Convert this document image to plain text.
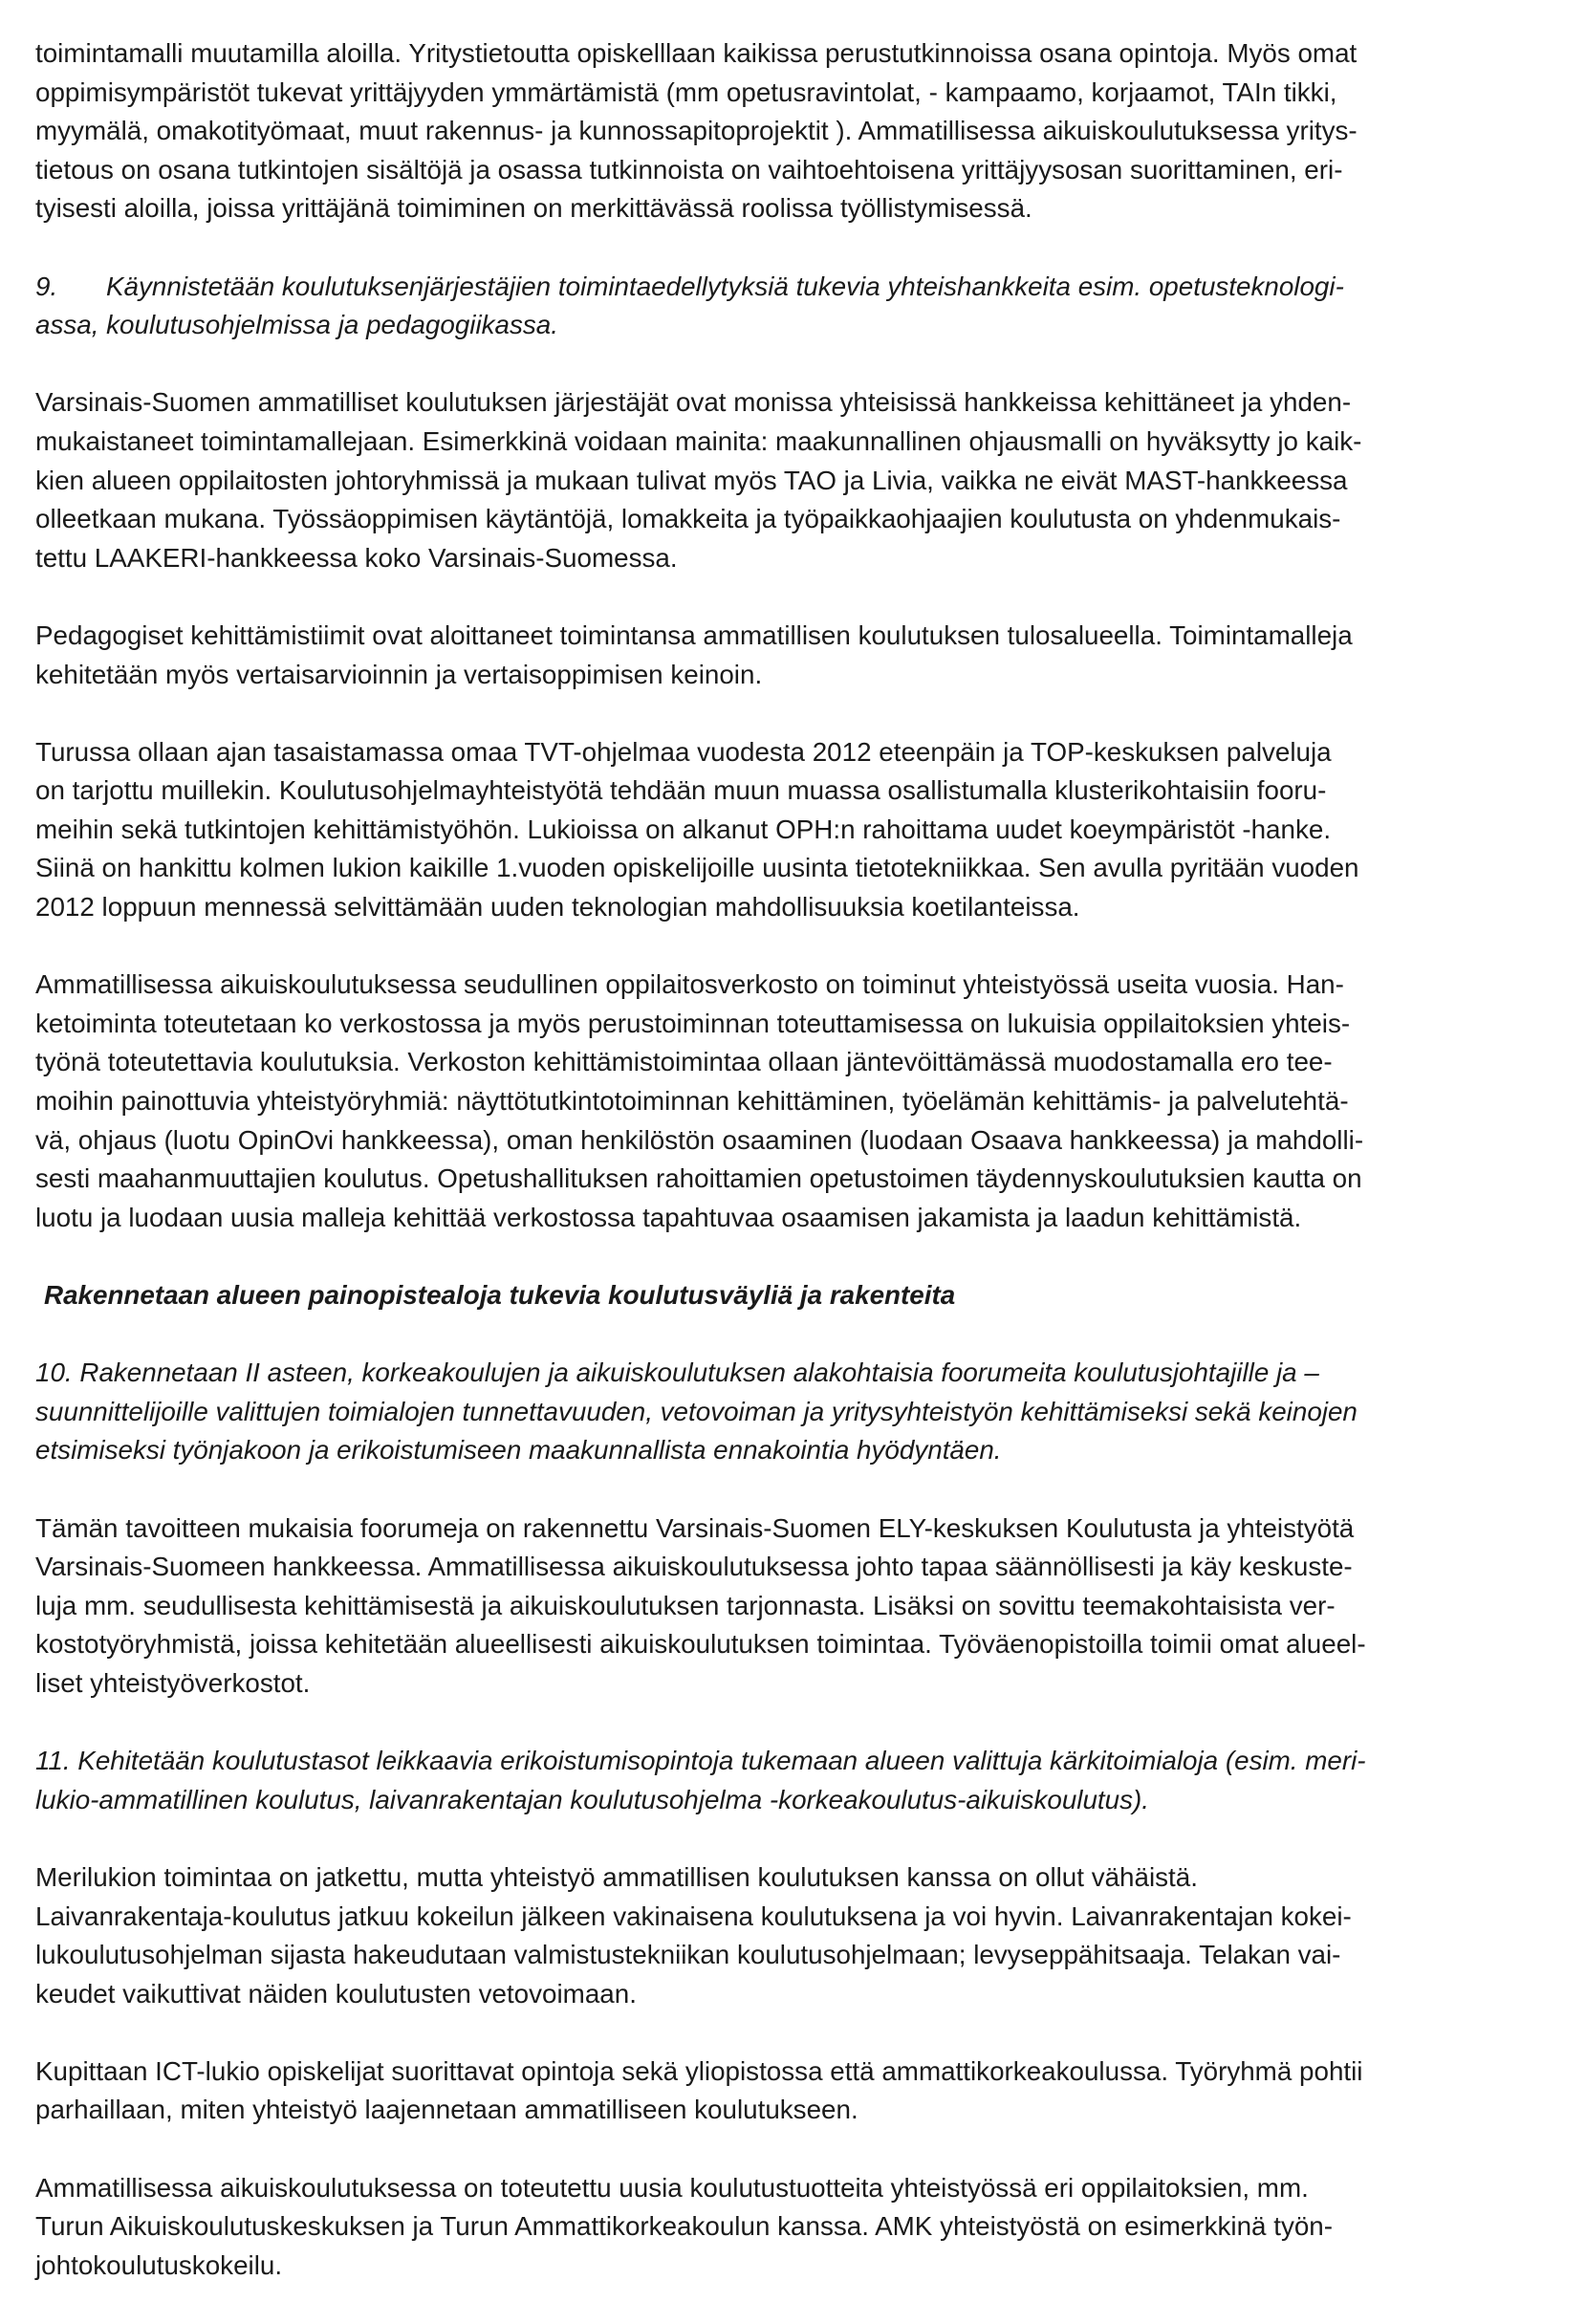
toimintamalli muutamilla aloilla. Yritystietoutta opiskelllaan kaikissa perustutkinnoissa osana opintoja. Myös omat
oppimisympäristöt tukevat yrittäjyyden ymmärtämistä (mm opetusravintolat, - kampaamo, korjaamot, TAIn tikki,
myymälä, omakotityömaat, muut rakennus- ja kunnossapitoprojektit ). Ammatillisessa aikuiskoulutuksessa yritys-
tietous on osana tutkintojen sisältöjä ja osassa tutkinnoista on vaihtoehtoisena yrittäjyysosan suorittaminen, eri-
tyisesti aloilla, joissa yrittäjänä toimiminen on merkittävässä roolissa työllistymisessä.
9. Käynnistetään koulutuksenjärjestäjien toimintaedellytyksiä tukevia yhteishankkeita esim. opetusteknologi-
assa, koulutusohjelmissa ja pedagogiikassa.
Varsinais-Suomen ammatilliset koulutuksen järjestäjät ovat monissa yhteisissä hankkeissa kehittäneet ja yhden-
mukaistaneet toimintamallejaan. Esimerkkinä voidaan mainita: maakunnallinen ohjausmalli on hyväksytty jo kaik-
kien alueen oppilaitosten johtoryhmissä ja mukaan tulivat myös TAO ja Livia, vaikka ne eivät MAST-hankkeessa
olleetkaan mukana. Työssäoppimisen käytäntöjä, lomakkeita ja työpaikkaohjaajien koulutusta on yhdenmukais-
tettu LAAKERI-hankkeessa koko Varsinais-Suomessa.
Pedagogiset kehittämistiimit ovat aloittaneet toimintansa ammatillisen koulutuksen tulosalueella. Toimintamalleja
kehitetään myös vertaisarvioinnin ja vertaisoppimisen keinoin.
Turussa ollaan ajan tasaistamassa omaa TVT-ohjelmaa vuodesta 2012 eteenpäin ja TOP-keskuksen palveluja
on tarjottu muillekin. Koulutusohjelmayhteistyötä tehdään muun muassa osallistumalla klusterikohtaisiin fooru-
meihin sekä tutkintojen kehittämistyöhön. Lukioissa on alkanut OPH:n rahoittama uudet koeympäristöt -hanke.
Siinä on hankittu kolmen lukion kaikille 1.vuoden opiskelijoille uusinta tietotekniikkaa. Sen avulla pyritään vuoden
2012 loppuun mennessä selvittämään uuden teknologian mahdollisuuksia koetilanteissa.
Ammatillisessa aikuiskoulutuksessa seudullinen oppilaitosverkosto on toiminut yhteistyössä useita vuosia. Han-
ketoiminta toteutetaan ko verkostossa ja myös perustoiminnan toteuttamisessa on lukuisia oppilaitoksien yhteis-
työnä toteutettavia koulutuksia. Verkoston kehittämistoimintaa ollaan jäntevöittämässä muodostamalla ero tee-
moihin painottuvia yhteistyöryhmiä: näyttötutkintotoiminnan kehittäminen, työelämän kehittämis- ja palvelutehtä-
vä, ohjaus (luotu OpinOvi hankkeessa), oman henkilöstön osaaminen (luodaan Osaava hankkeessa) ja mahdolli-
sesti maahanmuuttajien koulutus. Opetushallituksen rahoittamien opetustoimen täydennyskoulutuksien kautta on
luotu ja luodaan uusia malleja kehittää verkostossa tapahtuvaa osaamisen jakamista ja laadun kehittämistä.
Rakennetaan alueen painopistealoja tukevia koulutusväyliä ja rakenteita
10. Rakennetaan II asteen, korkeakoulujen ja aikuiskoulutuksen alakohtaisia foorumeita koulutusjohtajille ja –
suunnittelijoille valittujen toimialojen tunnettavuuden, vetovoiman ja yritysyhteistyön kehittämiseksi sekä keinojen
etsimiseksi työnjakoon ja erikoistumiseen maakunnallista ennakointia hyödyntäen.
Tämän tavoitteen mukaisia foorumeja on rakennettu Varsinais-Suomen ELY-keskuksen Koulutusta ja yhteistyötä
Varsinais-Suomeen hankkeessa. Ammatillisessa aikuiskoulutuksessa johto tapaa säännöllisesti ja käy keskuste-
luja mm. seudullisesta kehittämisestä ja aikuiskoulutuksen tarjonnasta. Lisäksi on sovittu teemakohtaisista ver-
kostotyöryhmistä, joissa kehitetään alueellisesti aikuiskoulutuksen toimintaa. Työväenopistoilla toimii omat alueel-
liset yhteistyöverkostot.
11. Kehitetään koulutustasot leikkaavia erikoistumisopintoja tukemaan alueen valittuja kärkitoimialoja (esim. meri-
lukio-ammatillinen koulutus, laivanrakentajan koulutusohjelma -korkeakoulutus-aikuiskoulutus).
Merilukion toimintaa on jatkettu, mutta yhteistyö ammatillisen koulutuksen kanssa on ollut vähäistä.
Laivanrakentaja-koulutus jatkuu kokeilun jälkeen vakinaisena koulutuksena ja voi hyvin. Laivanrakentajan kokei-
lukoulutusohjelman sijasta hakeudutaan valmistustekniikan koulutusohjelmaan; levyseppähitsaaja. Telakan vai-
keudet vaikuttivat näiden koulutusten vetovoimaan.
Kupittaan ICT-lukio opiskelijat suorittavat opintoja sekä yliopistossa että ammattikorkeakoulussa. Työryhmä pohtii
parhaillaan, miten yhteistyö laajennetaan ammatilliseen koulutukseen.
Ammatillisessa aikuiskoulutuksessa on toteutettu uusia koulutustuotteita yhteistyössä eri oppilaitoksien, mm.
Turun Aikuiskoulutuskeskuksen ja Turun Ammattikorkeakoulun kanssa. AMK yhteistyöstä on esimerkkinä työn-
johtokoulutuskokeilu.
